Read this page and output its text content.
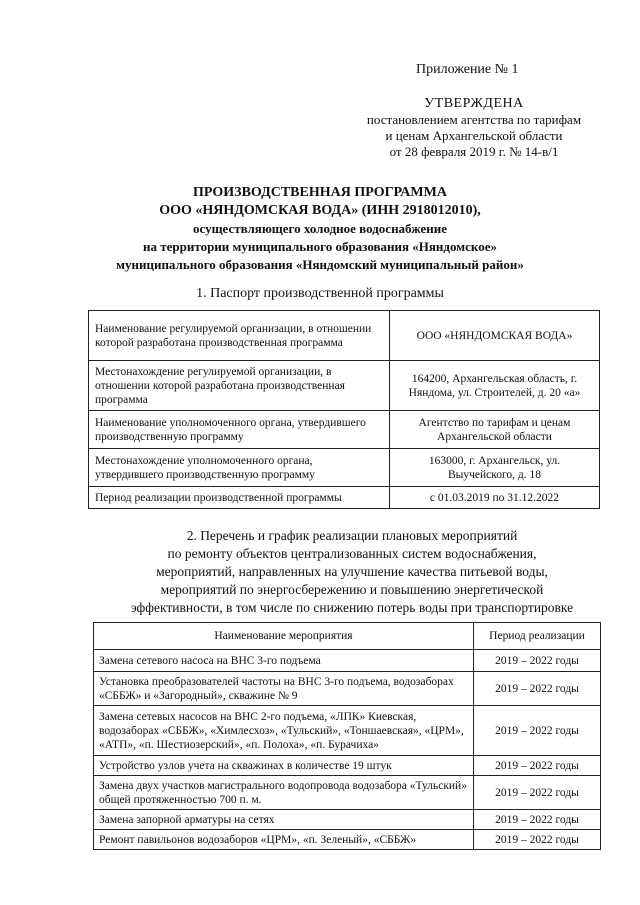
Приложение № 1
УТВЕРЖДЕНА
постановлением агентства по тарифам
и ценам Архангельской области
от 28 февраля 2019 г. № 14-в/1
ПРОИЗВОДСТВЕННАЯ ПРОГРАММА
ООО «НЯНДОМСКАЯ ВОДА» (ИНН 2918012010),
осуществляющего холодное водоснабжение
на территории муниципального образования «Няндомское»
муниципального образования «Няндомский муниципальный район»
1. Паспорт производственной программы
Наименование регулируемой организации, в отношении которой разработана производственная программа	ООО «НЯНДОМСКАЯ ВОДА»
Местонахождение регулируемой организации, в отношении которой разработана производственная программа	164200, Архангельская область, г. Няндома, ул. Строителей, д. 20 «а»
Наименование уполномоченного органа, утвердившего производственную программу	Агентство по тарифам и ценам Архангельской области
Местонахождение уполномоченного органа, утвердившего производственную программу	163000, г. Архангельск, ул. Выучейского, д. 18
Период реализации производственной программы	с 01.03.2019 по 31.12.2022
2. Перечень и график реализации плановых мероприятий
по ремонту объектов централизованных систем водоснабжения,
мероприятий, направленных на улучшение качества питьевой воды,
мероприятий по энергосбережению и повышению энергетической
эффективности, в том числе по снижению потерь воды при транспортировке
Наименование мероприятия	Период реализации
Замена сетевого насоса на ВНС 3-го подъема	2019 – 2022 годы
Установка преобразователей частоты на ВНС 3-го подъема, водозаборах «СББЖ» и «Загородный», скважине № 9	2019 – 2022 годы
Замена сетевых насосов на ВНС 2-го подъема, «ЛПК» Киевская, водозаборах «СББЖ», «Химлесхоз», «Тульский», «Тоншаевская», «ЦРМ», «АТП», «п. Шестиозерский», «п. Полоха», «п. Бурачиха»	2019 – 2022 годы
Устройство узлов учета на скважинах в количестве 19 штук	2019 – 2022 годы
Замена двух участков магистрального водопровода водозабора «Тульский» общей протяженностью 700 п. м.	2019 – 2022 годы
Замена запорной арматуры на сетях	2019 – 2022 годы
Ремонт павильонов водозаборов «ЦРМ», «п. Зеленый», «СББЖ»	2019 – 2022 годы
